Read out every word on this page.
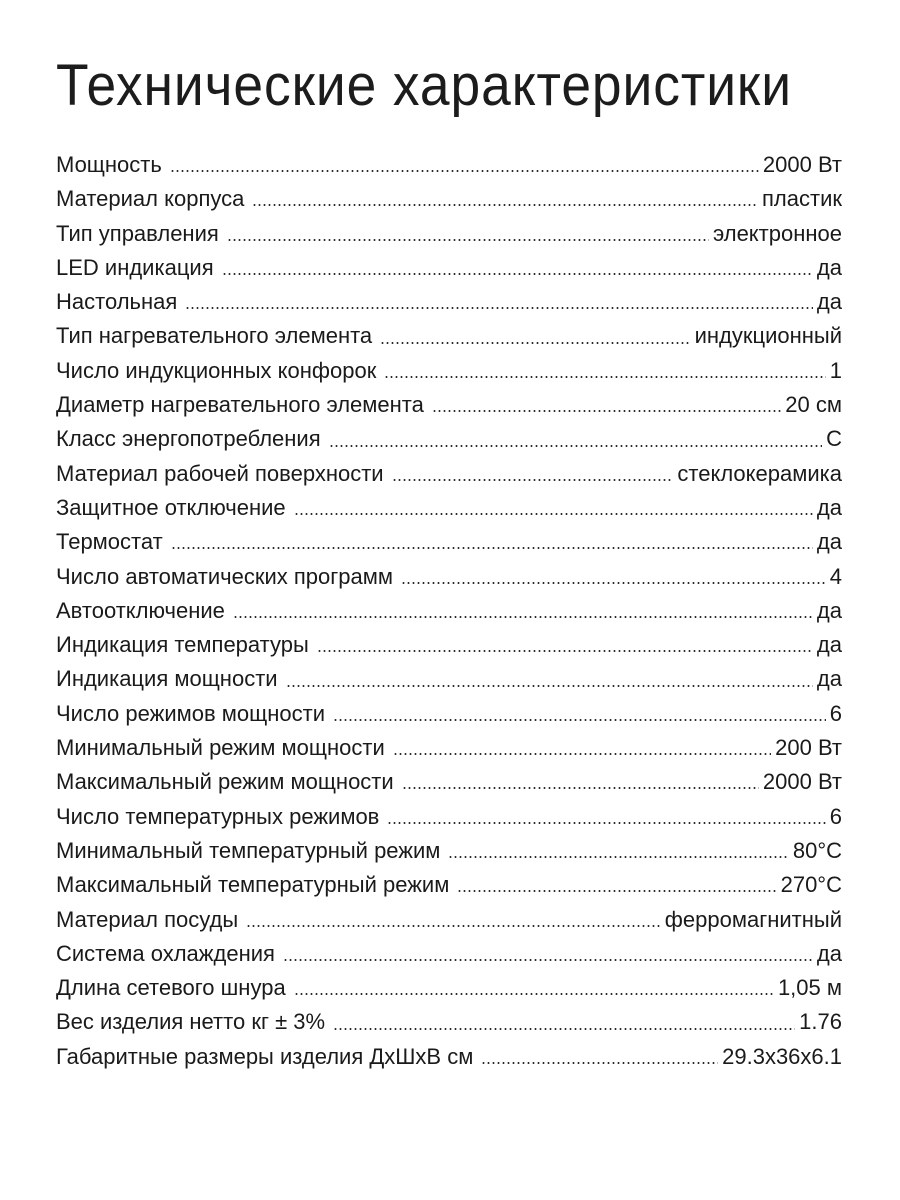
Технические характеристики
Мощность	2000 Вт
Материал корпуса	пластик
Тип управления	электронное
LED индикация	да
Настольная	да
Тип нагревательного элемента	индукционный
Число индукционных конфорок	1
Диаметр нагревательного элемента	20 см
Класс энергопотребления	C
Материал рабочей поверхности	стеклокерамика
Защитное отключение	да
Термостат	да
Число автоматических программ	4
Автоотключение	да
Индикация температуры	да
Индикация мощности	да
Число режимов мощности	6
Минимальный режим мощности	200 Вт
Максимальный режим мощности	2000 Вт
Число температурных режимов	6
Минимальный температурный режим	80°C
Максимальный температурный режим	270°C
Материал посуды	ферромагнитный
Система охлаждения	да
Длина сетевого шнура	1,05 м
Вес изделия нетто кг ± 3%	1.76
Габаритные размеры изделия ДхШхВ см	29.3x36x6.1
